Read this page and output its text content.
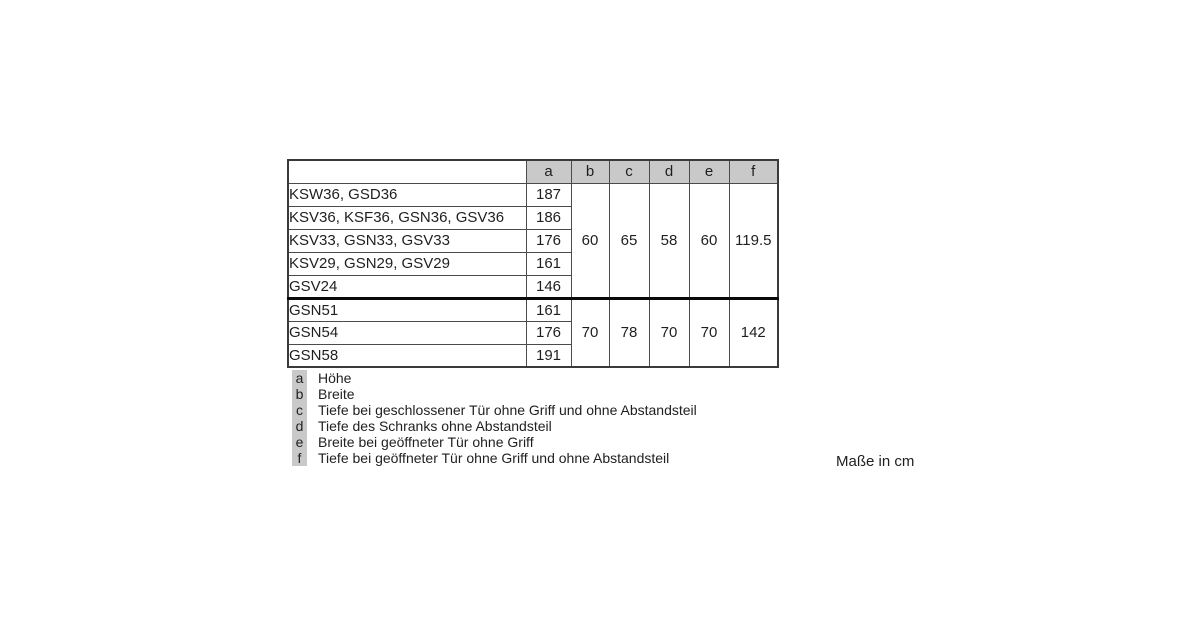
	a	b	c	d	e	f
KSW36, GSD36	187	60	65	58	60	119.5
KSV36, KSF36, GSN36, GSV36	186					
KSV33, GSN33, GSV33	176					
KSV29, GSN29, GSV29	161					
GSV24	146					
GSN51	161	70	78	70	70	142
GSN54	176					
GSN58	191					
a Höhe
b Breite
c Tiefe bei geschlossener Tür ohne Griff und ohne Abstandsteil
d Tiefe des Schranks ohne Abstandsteil
e Breite bei geöffneter Tür ohne Griff
f	Tiefe bei geöffneter Tür ohne Griff und ohne Abstandsteil	Maße in cm
